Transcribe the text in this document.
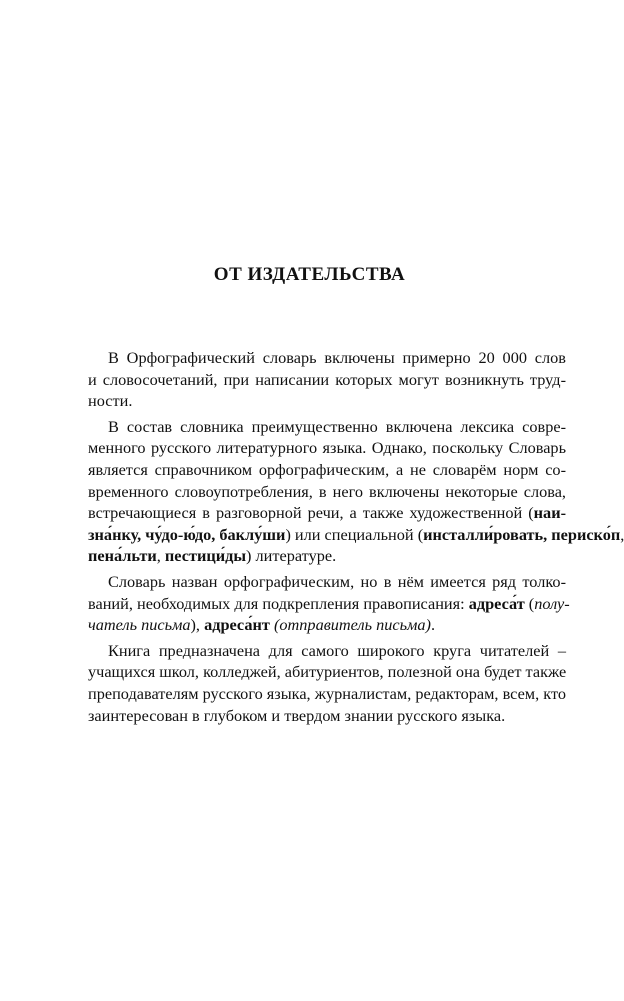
ОТ ИЗДАТЕЛЬСТВА
В Орфографический словарь включены примерно 20 000 слов
и словосочетаний, при написании которых могут возникнуть труд-
ности.
В состав словника преимущественно включена лексика совре-
менного русского литературного языка. Однако, поскольку Словарь
является справочником орфографическим, а не словарём норм со-
временного словоупотребления, в него включены некоторые слова,
встречающиеся в разговорной речи, а также художественной (наи-
зна́нку, чу́до-ю́до, баклу́ши) или специальной (инсталли́ровать, периско́п,
пена́льти, пестици́ды) литературе.
Словарь назван орфографическим, но в нём имеется ряд толко-
ваний, необходимых для подкрепления правописания: адреса́т (полу-
чатель письма), адреса́нт (отправитель письма).
Книга предназначена для самого широкого круга читателей –
учащихся школ, колледжей, абитуриентов, полезной она будет также
преподавателям русского языка, журналистам, редакторам, всем, кто
заинтересован в глубоком и твердом знании русского языка.
